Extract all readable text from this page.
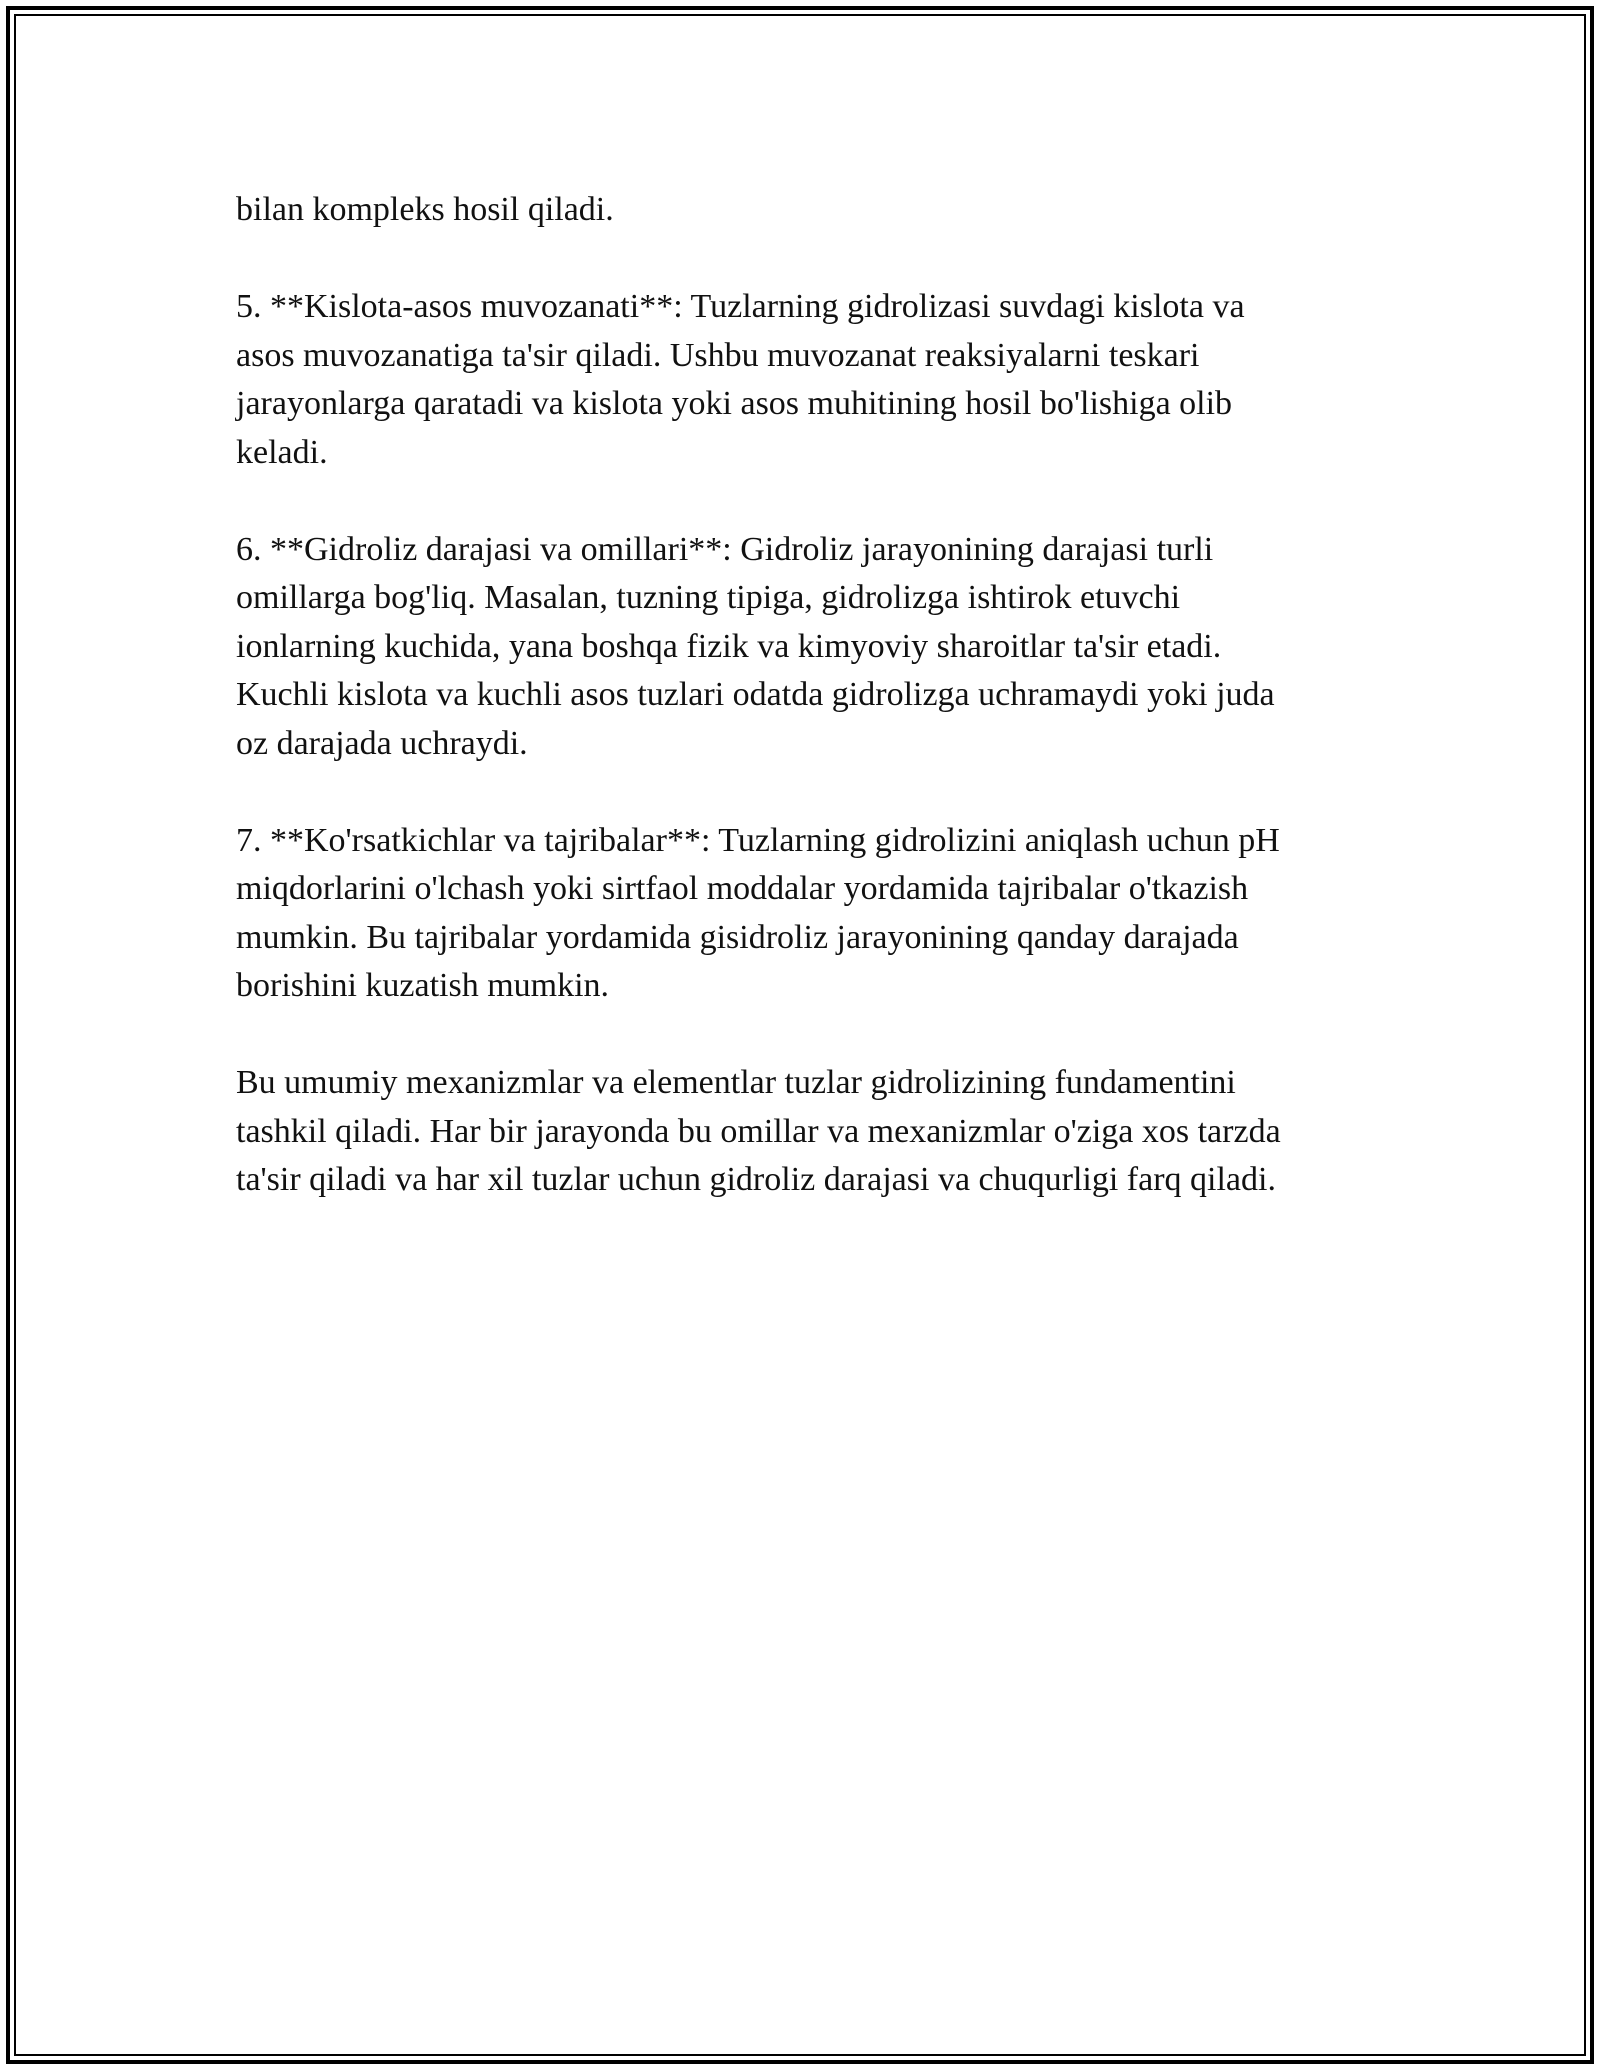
bilan kompleks hosil qiladi.

5. **Kislota-asos muvozanati**: Tuzlarning gidrolizasi suvdagi kislota va
asos muvozanatiga ta'sir qiladi. Ushbu muvozanat reaksiyalarni teskari
jarayonlarga qaratadi va kislota yoki asos muhitining hosil bo'lishiga olib
keladi.

6. **Gidroliz darajasi va omillari**: Gidroliz jarayonining darajasi turli
omillarga bog'liq. Masalan, tuzning tipiga, gidrolizga ishtirok etuvchi
ionlarning kuchida, yana boshqa fizik va kimyoviy sharoitlar ta'sir etadi.
Kuchli kislota va kuchli asos tuzlari odatda gidrolizga uchramaydi yoki juda
oz darajada uchraydi.

7. **Ko'rsatkichlar va tajribalar**: Tuzlarning gidrolizini aniqlash uchun pH
miqdorlarini o'lchash yoki sirtfaol moddalar yordamida tajribalar o'tkazish
mumkin. Bu tajribalar yordamida gisidroliz jarayonining qanday darajada
borishini kuzatish mumkin.

Bu umumiy mexanizmlar va elementlar tuzlar gidrolizining fundamentini
tashkil qiladi. Har bir jarayonda bu omillar va mexanizmlar o'ziga xos tarzda
ta'sir qiladi va har xil tuzlar uchun gidroliz darajasi va chuqurligi farq qiladi.
